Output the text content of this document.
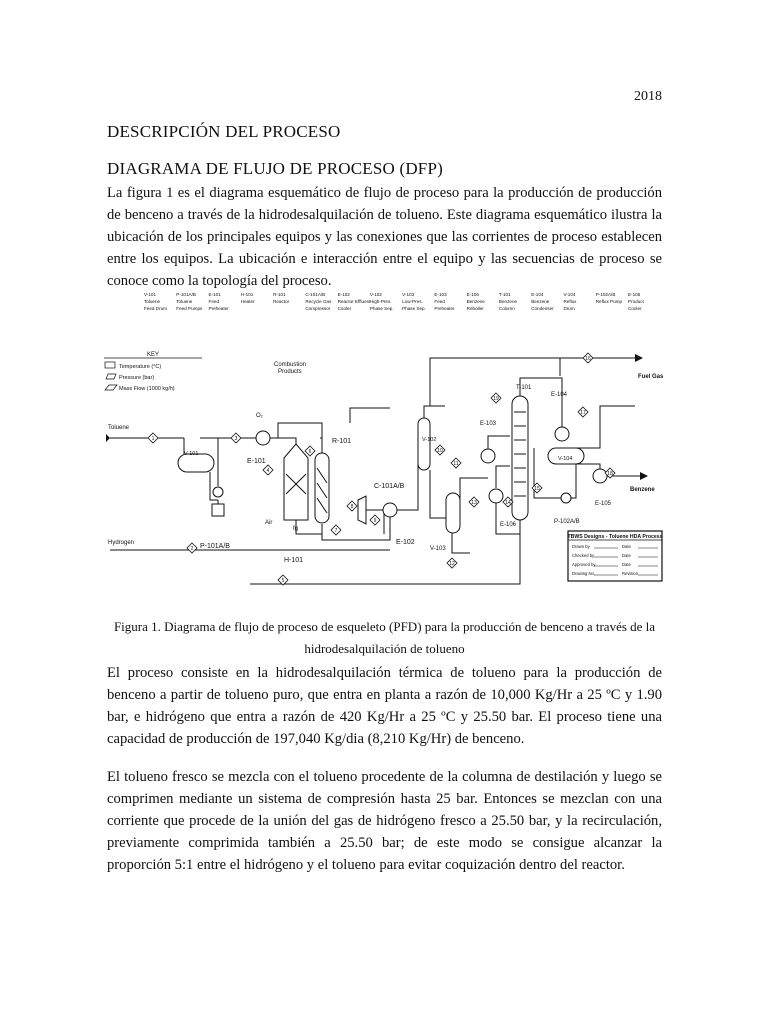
2018
DESCRIPCIÓN DEL PROCESO
DIAGRAMA DE FLUJO DE PROCESO (DFP)
La figura 1 es el diagrama esquemático de flujo de proceso para la producción de producción de benceno a través de la hidrodesalquilación de tolueno. Este diagrama esquemático ilustra la ubicación de los principales equipos y las conexiones que las corrientes de proceso establecen entre los equipos. La ubicación e interacción entre el equipo y las secuencias de proceso se conoce como la topología del proceso.
V-101
Toluene
Feed Drum
P-101A/B
Toluene
Feed Pumps
E-101
Feed
Preheater
H-101
Heater
R-101
Reactor
C-101A/B
Recycle Gas
Compressor
E-102
Reactor Effluent
Cooler
V-102
High-Pres.
Phase Sep.
V-103
Low-Pres.
Phase Sep.
E-103
Feed
Preheater
E-106
Benzene
Reboiler
T-101
Benzene
Column
E-104
Benzene
Condenser
V-104
Reflux
Drum
P-102A/B
Reflux Pump
E-105
Product
Cooler
KEY
Temperature (°C)
Pressure (bar)
Mass Flow (1000 kg/h)
Combustion
Products
Fuel Gas
Benzene
Toluene
Hydrogen
Air
fg
O₂
V-101
P-101A/B
E-101
H-101
R-101
C-101A/B
E-102
V-102
V-103
E-103
T-101
E-104
V-104
E-105
E-106	P-102A/B
1
2
3
4
5
6
7
8
9
10
11
12
13	14
15
16
17
18
19
TBWS Designs - Toluene HDA Process
Drawn by	Date
Checked by	Date
Approved by	Date
Drawing No.	Revision
Figura 1. Diagrama de flujo de proceso de esqueleto (PFD) para la producción de benceno a través de la hidrodesalquilación de tolueno
El proceso consiste en la hidrodesalquilación térmica de tolueno para la producción de benceno a partir de tolueno puro, que entra en planta a razón de 10,000 Kg/Hr a 25 ºC y 1.90 bar, e hidrógeno que entra a razón de 420 Kg/Hr a 25 ºC y 25.50 bar. El proceso tiene una capacidad de producción de 197,040 Kg/dia (8,210 Kg/Hr) de benceno.
El tolueno fresco se mezcla con el tolueno procedente de la columna de destilación y luego se comprimen mediante un sistema de compresión hasta 25 bar. Entonces se mezclan con una corriente que procede de la unión del gas de hidrógeno fresco a 25.50 bar, y la recirculación, previamente comprimida también a 25.50 bar; de este modo se consigue alcanzar la proporción 5:1 entre el hidrógeno y el tolueno para evitar coquización dentro del reactor.
